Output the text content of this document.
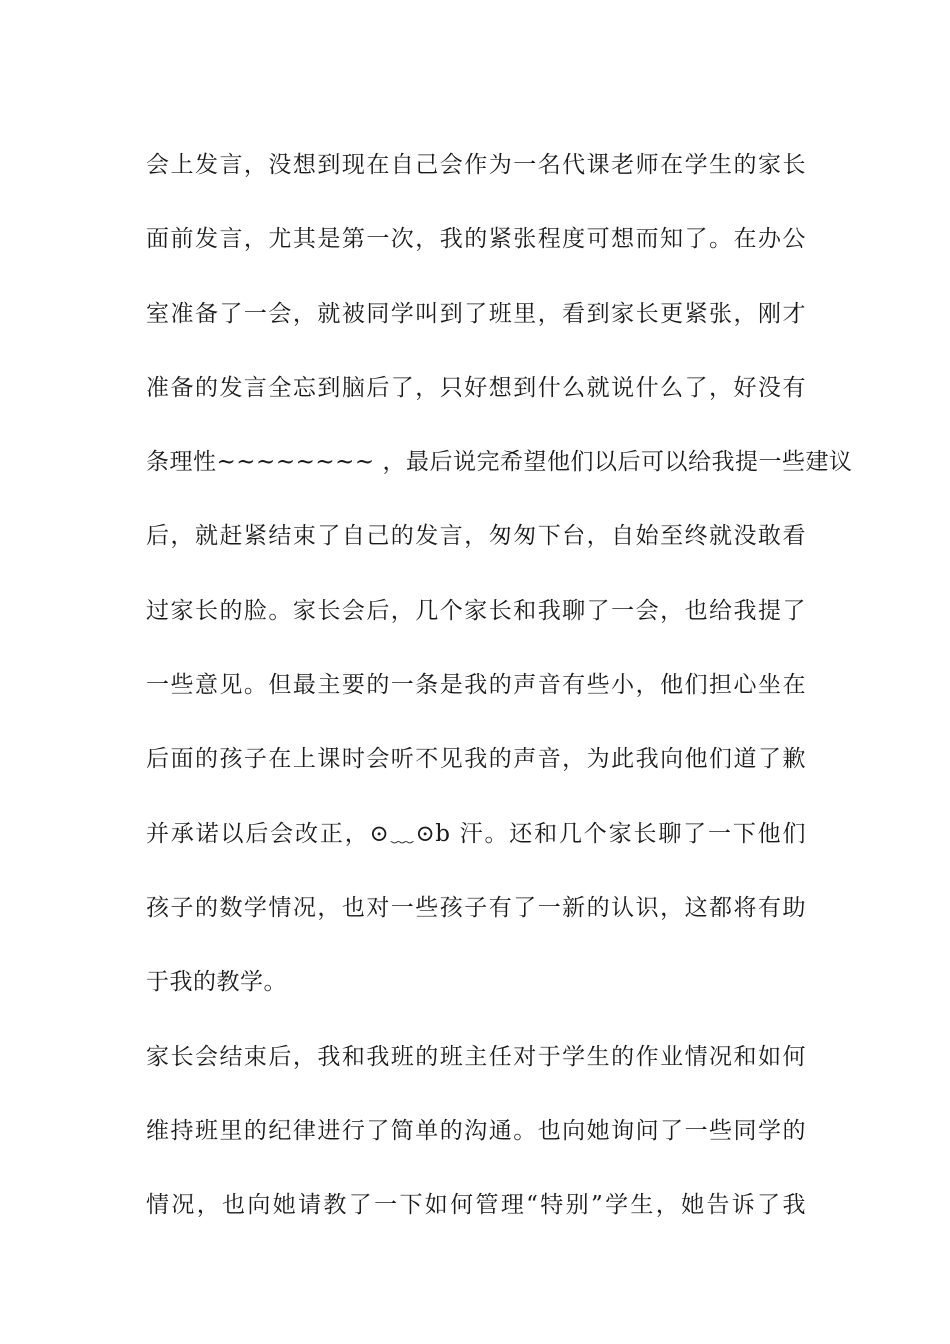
会上发言，没想到现在自己会作为一名代课老师在学生的家长
面前发言，尤其是第一次，我的紧张程度可想而知了。在办公
室准备了一会，就被同学叫到了班里，看到家长更紧张，刚才
准备的发言全忘到脑后了，只好想到什么就说什么了，好没有
条理性~~~~~~~~ ，最后说完希望他们以后可以给我提一些建议
后，就赶紧结束了自己的发言，匆匆下台，自始至终就没敢看
过家长的脸。家长会后，几个家长和我聊了一会，也给我提了
一些意见。但最主要的一条是我的声音有些小，他们担心坐在
后面的孩子在上课时会听不见我的声音，为此我向他们道了歉
并承诺以后会改正，⊙﹏⊙b 汗。还和几个家长聊了一下他们
孩子的数学情况，也对一些孩子有了一新的认识，这都将有助
于我的教学。
家长会结束后，我和我班的班主任对于学生的作业情况和如何
维持班里的纪律进行了简单的沟通。也向她询问了一些同学的
情况，也向她请教了一下如何管理“特别”学生，她告诉了我
